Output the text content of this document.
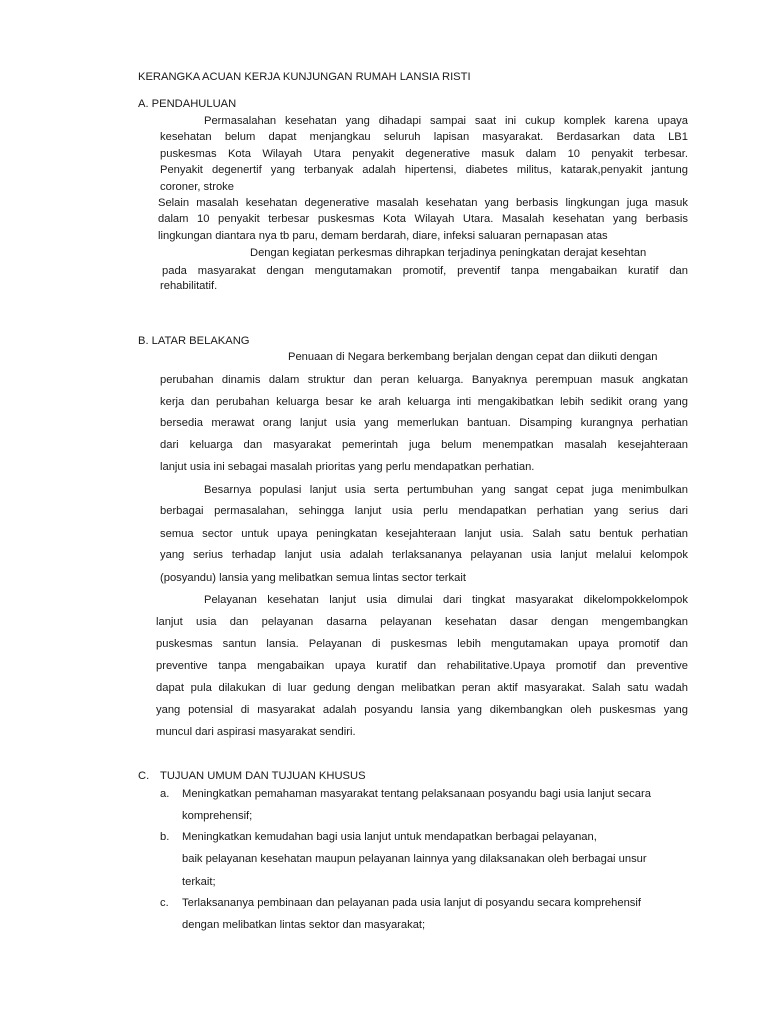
KERANGKA ACUAN KERJA KUNJUNGAN RUMAH LANSIA RISTI

A. PENDAHULUAN

Permasalahan kesehatan yang dihadapi sampai saat ini cukup komplek karena upaya

kesehatan belum dapat menjangkau seluruh lapisan masyarakat. Berdasarkan data LB1

puskesmas Kota Wilayah Utara penyakit degenerative masuk dalam 10 penyakit terbesar.

Penyakit degenertif yang terbanyak adalah hipertensi, diabetes militus, katarak,penyakit jantung

coroner, stroke

Selain masalah kesehatan degenerative masalah kesehatan yang berbasis lingkungan juga masuk

dalam 10 penyakit terbesar puskesmas Kota Wilayah Utara. Masalah kesehatan yang berbasis

lingkungan diantara nya tb paru, demam berdarah, diare, infeksi saluaran pernapasan atas

Dengan kegiatan perkesmas dihrapkan terjadinya peningkatan derajat kesehtan

pada masyarakat dengan mengutamakan promotif, preventif tanpa mengabaikan kuratif dan

rehabilitatif.

B. LATAR BELAKANG

Penuaan di Negara berkembang berjalan dengan cepat dan diikuti dengan

perubahan dinamis dalam struktur dan peran keluarga. Banyaknya perempuan masuk angkatan

kerja dan perubahan keluarga besar ke arah keluarga inti mengakibatkan lebih sedikit orang yang

bersedia merawat orang lanjut usia yang memerlukan bantuan. Disamping kurangnya perhatian

dari keluarga dan masyarakat pemerintah juga belum menempatkan masalah kesejahteraan

lanjut usia ini sebagai masalah prioritas yang perlu mendapatkan perhatian.

Besarnya populasi lanjut usia serta pertumbuhan yang sangat cepat juga menimbulkan

berbagai permasalahan, sehingga lanjut usia perlu mendapatkan perhatian yang serius dari

semua sector untuk upaya peningkatan kesejahteraan lanjut usia. Salah satu bentuk perhatian

yang serius terhadap lanjut usia adalah terlaksananya pelayanan usia lanjut melalui kelompok

(posyandu) lansia yang melibatkan semua lintas sector terkait

Pelayanan kesehatan lanjut usia dimulai dari tingkat masyarakat dikelompokkelompok

lanjut usia dan pelayanan dasarna pelayanan kesehatan dasar dengan mengembangkan

puskesmas santun lansia. Pelayanan di puskesmas lebih mengutamakan upaya promotif dan

preventive tanpa mengabaikan upaya kuratif dan rehabilitative.Upaya promotif dan preventive

dapat pula dilakukan di luar gedung dengan melibatkan peran aktif masyarakat. Salah satu wadah

yang potensial di masyarakat adalah posyandu lansia yang dikembangkan oleh puskesmas yang

muncul dari aspirasi masyarakat sendiri.

C. TUJUAN UMUM DAN TUJUAN KHUSUS

a. Meningkatkan pemahaman masyarakat tentang pelaksanaan posyandu bagi usia lanjut secara

komprehensif;

b. Meningkatkan kemudahan bagi usia lanjut untuk mendapatkan berbagai pelayanan,

baik pelayanan kesehatan maupun pelayanan lainnya yang dilaksanakan oleh berbagai unsur

terkait;

c. Terlaksananya pembinaan dan pelayanan pada usia lanjut di posyandu secara komprehensif

dengan melibatkan lintas sektor dan masyarakat;
